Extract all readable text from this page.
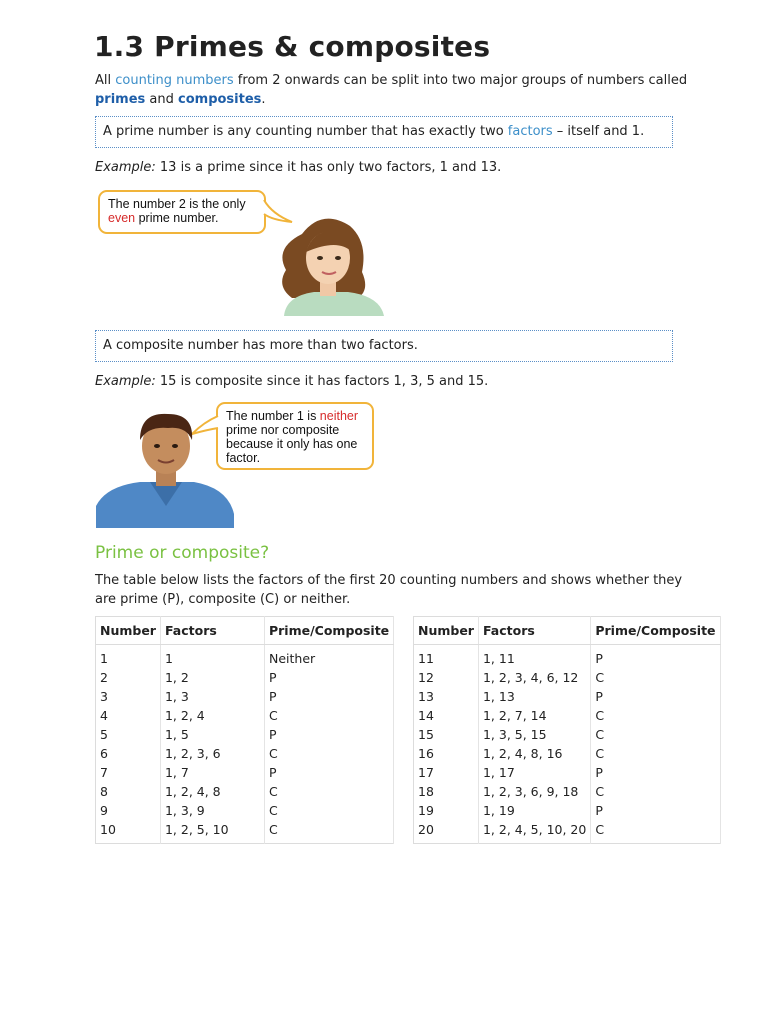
1.3 Primes & composites
All counting numbers from 2 onwards can be split into two major groups of numbers called primes and composites.
A prime number is any counting number that has exactly two factors – itself and 1.
Example: 13 is a prime since it has only two factors, 1 and 13.
The number 2 is the only
even prime number.
A composite number has more than two factors.
Example: 15 is composite since it has factors 1, 3, 5 and 15.
The number 1 is neither
prime nor composite
because it only has one
factor.
Prime or composite?
The table below lists the factors of the first 20 counting numbers and shows whether they are prime (P), composite (C) or neither.
Number	Factors	Prime/Composite
1	1	Neither
2	1, 2	P
3	1, 3	P
4	1, 2, 4	C
5	1, 5	P
6	1, 2, 3, 6	C
7	1, 7	P
8	1, 2, 4, 8	C
9	1, 3, 9	C
10	1, 2, 5, 10	C
Number	Factors	Prime/Composite
11	1, 11	P
12	1, 2, 3, 4, 6, 12	C
13	1, 13	P
14	1, 2, 7, 14	C
15	1, 3, 5, 15	C
16	1, 2, 4, 8, 16	C
17	1, 17	P
18	1, 2, 3, 6, 9, 18	C
19	1, 19	P
20	1, 2, 4, 5, 10, 20	C
